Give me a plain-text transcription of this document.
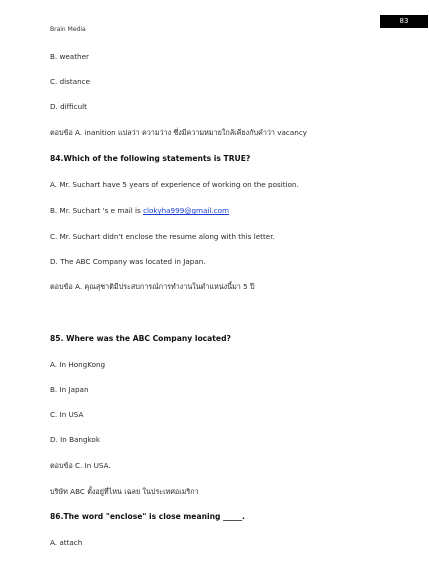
Brain Media
83
B. weather
C. distance
D. difficult
ตอบข้อ A. inanition แปลว่า ความว่าง ซึ่งมีความหมายใกล้เคียงกับคำว่า vacancy
84.Which of the following statements is TRUE?
A. Mr. Suchart have 5 years of experience of working on the position.
B. Mr. Suchart 's e mail is clokyha999@gmail.com
C. Mr. Suchart didn't enclose the resume along with this letter.
D. The ABC Company was located in Japan.
ตอบข้อ A. คุณสุชาติมีประสบการณ์การทำงานในตำแหน่งนี้มา 5 ปี
85. Where was the ABC Company located?
A. In HongKong
B. In Japan
C. In USA
D. In Bangkok
ตอบข้อ C. In USA.
บริษัท ABC ตั้งอยู่ที่ไหน เฉลย ในประเทศอเมริกา
86.The word "enclose" is close meaning _____.
A. attach
